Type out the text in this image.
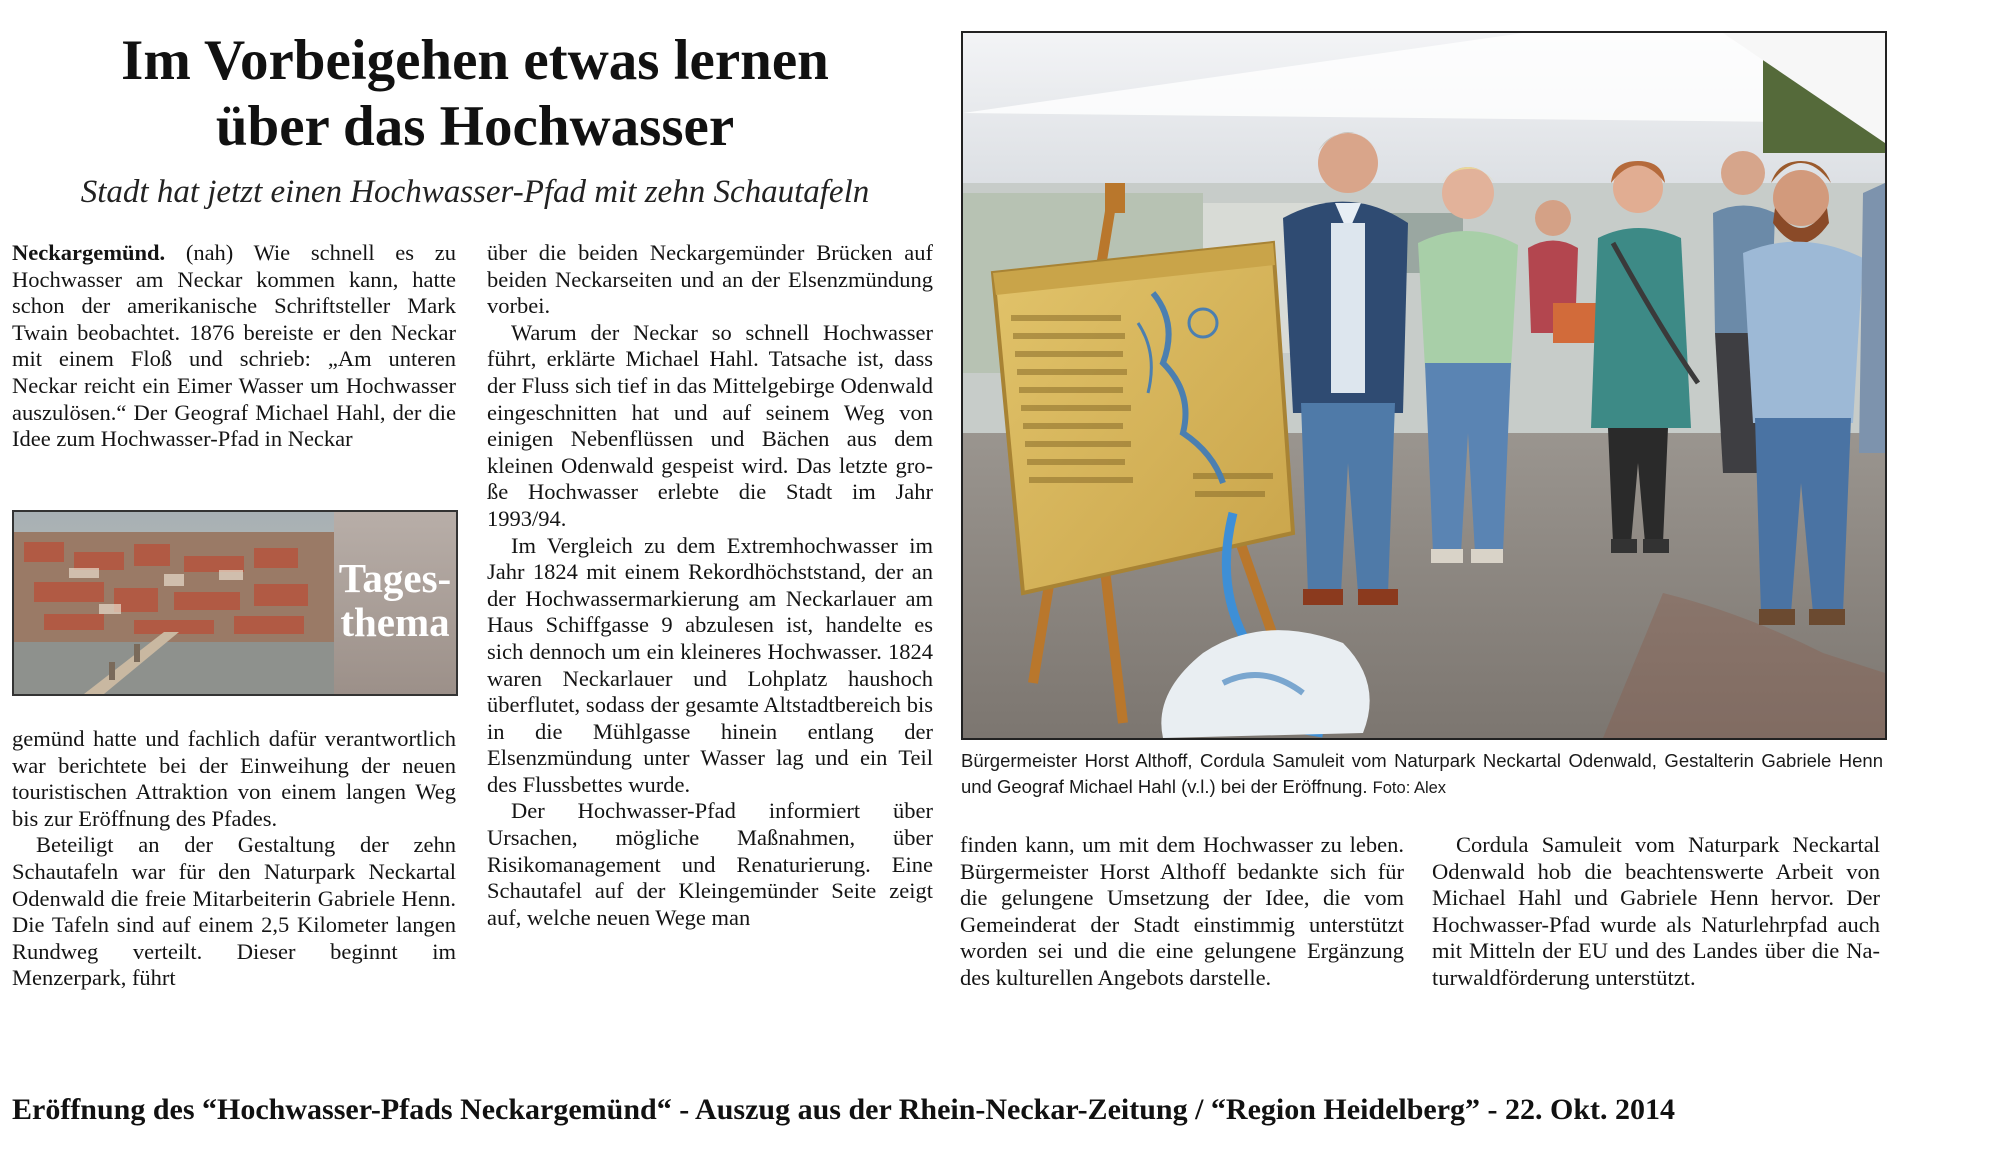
Im Vorbeigehen etwas lernen
über das Hochwasser

Stadt hat jetzt einen Hochwasser-Pfad mit zehn Schautafeln

Neckargemünd. (nah) Wie schnell es zu Hochwasser am Neckar kommen kann, hatte schon der amerikanische Schriftsteller Mark Twain beobachtet. 1876 bereiste er den Neckar mit einem Floß und schrieb: „Am unteren Neckar reicht ein Eimer Wasser um Hochwasser auszulösen.“ Der Geograf Michael Hahl, der die Idee zum Hochwasser-Pfad in Neckar

Tages-
thema

gemünd hatte und fachlich dafür verantwortlich war berichtete bei der Einweihung der neuen touristischen Attraktion von einem langen Weg bis zur Eröffnung des Pfades.

Beteiligt an der Gestaltung der zehn Schautafeln war für den Naturpark Neckartal Odenwald die freie Mitarbeiterin Gabriele Henn. Die Tafeln sind auf einem 2,5 Kilometer langen Rundweg verteilt. Dieser beginnt im Menzerpark, führt

über die beiden Neckargemünder Brücken auf beiden Neckarseiten und an der Elsenzmündung vorbei.

Warum der Neckar so schnell Hochwasser führt, erklärte Michael Hahl. Tatsache ist, dass der Fluss sich tief in das Mittelgebirge Odenwald eingeschnitten hat und auf seinem Weg von einigen Nebenflüssen und Bächen aus dem kleinen Odenwald gespeist wird. Das letzte große Hochwasser erlebte die Stadt im Jahr 1993/94.

Im Vergleich zu dem Extremhochwasser im Jahr 1824 mit einem Rekordhöchststand, der an der Hochwassermarkierung am Neckarlauer am Haus Schiffgasse 9 abzulesen ist, handelte es sich dennoch um ein kleineres Hochwasser. 1824 waren Neckarlauer und Lohplatz haushoch überflutet, sodass der gesamte Altstadtbereich bis in die Mühlgasse hinein entlang der Elsenzmündung unter Wasser lag und ein Teil des Flussbettes wurde.

Der Hochwasser-Pfad informiert über Ursachen, mögliche Maßnahmen, über Risikomanagement und Renaturierung. Eine Schautafel auf der Kleingemünder Seite zeigt auf, welche neuen Wege man

Bürgermeister Horst Althoff, Cordula Samuleit vom Naturpark Neckartal Odenwald, Gestalterin Gabriele Henn und Geograf Michael Hahl (v.l.) bei der Eröffnung. Foto: Alex

finden kann, um mit dem Hochwasser zu leben. Bürgermeister Horst Althoff bedankte sich für die gelungene Umsetzung der Idee, die vom Gemeinderat der Stadt einstimmig unterstützt worden sei und die eine gelungene Ergänzung des kulturellen Angebots darstelle.

Cordula Samuleit vom Naturpark Neckartal Odenwald hob die beachtenswerte Arbeit von Michael Hahl und Gabriele Henn hervor. Der Hochwasser-Pfad wurde als Naturlehrpfad auch mit Mitteln der EU und des Landes über die Naturwaldförderung unterstützt.

Eröffnung des “Hochwasser-Pfads Neckargemünd“ - Auszug aus der Rhein-Neckar-Zeitung / “Region Heidelberg” - 22. Okt. 2014
